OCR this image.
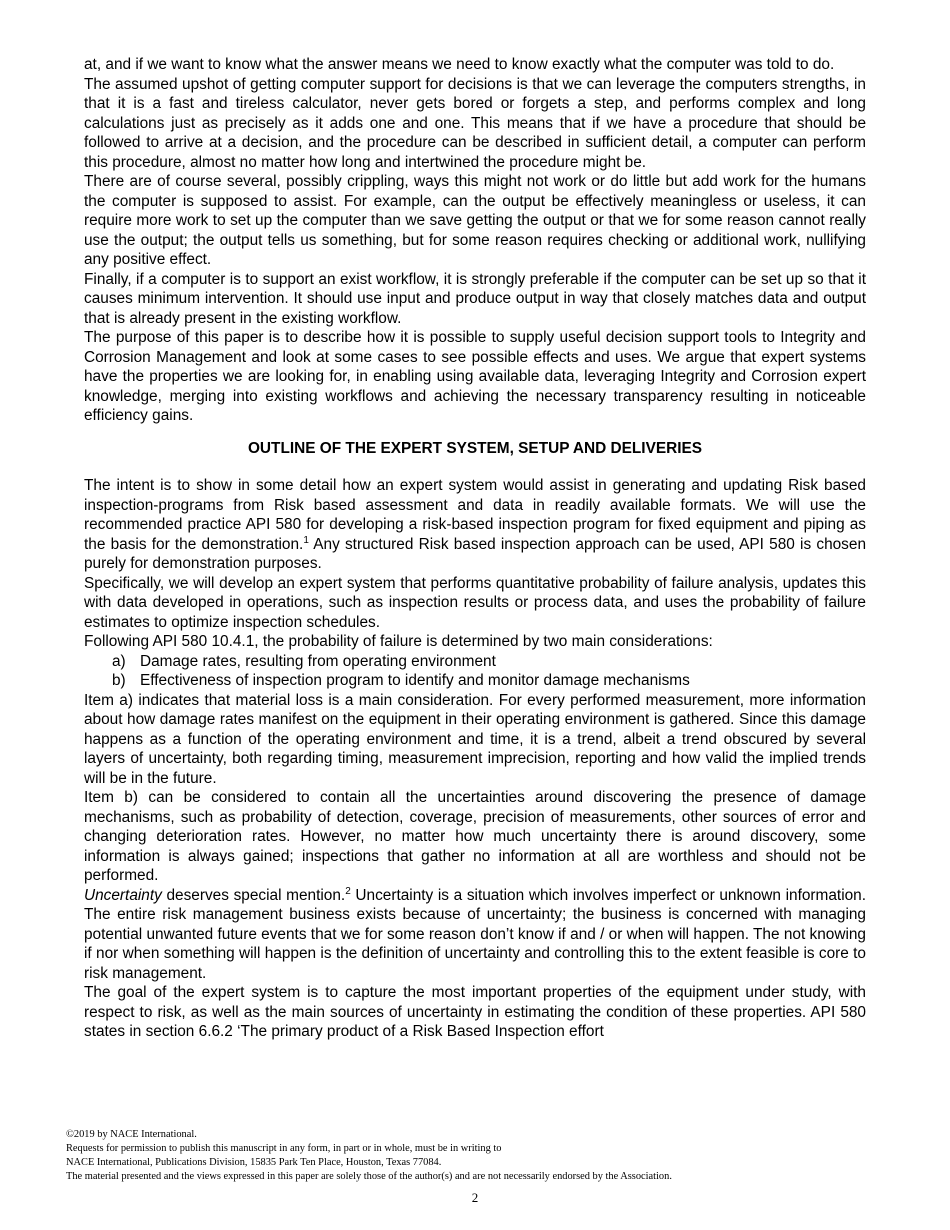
at, and if we want to know what the answer means we need to know exactly what the computer was told to do.

The assumed upshot of getting computer support for decisions is that we can leverage the computers strengths, in that it is a fast and tireless calculator, never gets bored or forgets a step, and performs complex and long calculations just as precisely as it adds one and one. This means that if we have a procedure that should be followed to arrive at a decision, and the procedure can be described in sufficient detail, a computer can perform this procedure, almost no matter how long and intertwined the procedure might be.

There are of course several, possibly crippling, ways this might not work or do little but add work for the humans the computer is supposed to assist. For example, can the output be effectively meaningless or useless, it can require more work to set up the computer than we save getting the output or that we for some reason cannot really use the output; the output tells us something, but for some reason requires checking or additional work, nullifying any positive effect.

Finally, if a computer is to support an exist workflow, it is strongly preferable if the computer can be set up so that it causes minimum intervention. It should use input and produce output in way that closely matches data and output that is already present in the existing workflow.

The purpose of this paper is to describe how it is possible to supply useful decision support tools to Integrity and Corrosion Management and look at some cases to see possible effects and uses. We argue that expert systems have the properties we are looking for, in enabling using available data, leveraging Integrity and Corrosion expert knowledge, merging into existing workflows and achieving the necessary transparency resulting in noticeable efficiency gains.

OUTLINE OF THE EXPERT SYSTEM, SETUP AND DELIVERIES

The intent is to show in some detail how an expert system would assist in generating and updating Risk based inspection-programs from Risk based assessment and data in readily available formats. We will use the recommended practice API 580 for developing a risk-based inspection program for fixed equipment and piping as the basis for the demonstration.$^1$ Any structured Risk based inspection approach can be used, API 580 is chosen purely for demonstration purposes.

Specifically, we will develop an expert system that performs quantitative probability of failure analysis, updates this with data developed in operations, such as inspection results or process data, and uses the probability of failure estimates to optimize inspection schedules.

Following API 580 10.4.1, the probability of failure is determined by two main considerations:

a) Damage rates, resulting from operating environment
b) Effectiveness of inspection program to identify and monitor damage mechanisms

Item a) indicates that material loss is a main consideration. For every performed measurement, more information about how damage rates manifest on the equipment in their operating environment is gathered. Since this damage happens as a function of the operating environment and time, it is a trend, albeit a trend obscured by several layers of uncertainty, both regarding timing, measurement imprecision, reporting and how valid the implied trends will be in the future.

Item b) can be considered to contain all the uncertainties around discovering the presence of damage mechanisms, such as probability of detection, coverage, precision of measurements, other sources of error and changing deterioration rates. However, no matter how much uncertainty there is around discovery, some information is always gained; inspections that gather no information at all are worthless and should not be performed.

Uncertainty deserves special mention.$^2$ Uncertainty is a situation which involves imperfect or unknown information. The entire risk management business exists because of uncertainty; the business is concerned with managing potential unwanted future events that we for some reason don’t know if and / or when will happen. The not knowing if nor when something will happen is the definition of uncertainty and controlling this to the extent feasible is core to risk management.

The goal of the expert system is to capture the most important properties of the equipment under study, with respect to risk, as well as the main sources of uncertainty in estimating the condition of these properties. API 580 states in section 6.6.2 ‘The primary product of a Risk Based Inspection effort

©2019 by NACE International.
Requests for permission to publish this manuscript in any form, in part or in whole, must be in writing to
NACE International, Publications Division, 15835 Park Ten Place, Houston, Texas 77084.
The material presented and the views expressed in this paper are solely those of the author(s) and are not necessarily endorsed by the Association.
2
